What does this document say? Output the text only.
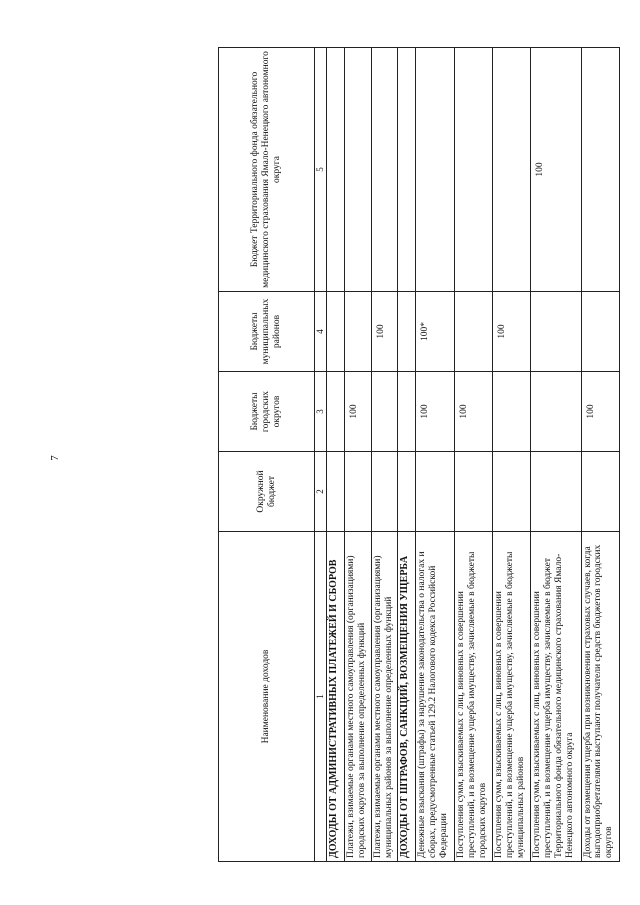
7
Наименование доходов	Окружной бюджет	Бюджеты городских округов	Бюджеты муниципальных районов	Бюджет Территориального фонда обязательного медицинского страхования Ямало-Ненецкого автономного округа
1	2	3	4	5
ДОХОДЫ ОТ АДМИНИСТРАТИВНЫХ ПЛАТЕЖЕЙ И СБОРОВ				
Платежи, взимаемые органами местного самоуправления (организациями) городских округов за выполнение определенных функций		100		
Платежи, взимаемые органами местного самоуправления (организациями) муниципальных районов за выполнение определенных функций			100	
ДОХОДЫ ОТ ШТРАФОВ, САНКЦИЙ, ВОЗМЕЩЕНИЯ УЩЕРБА				
Денежные взыскания (штрафы) за нарушение законодательства о налогах и сборах, предусмотренные статьей 129.2 Налогового кодекса Российской Федерации		100	100*	
Поступления сумм, взыскиваемых с лиц, виновных в совершении преступлений, и в возмещение ущерба имуществу, зачисляемые в бюджеты городских округов		100		
Поступления сумм, взыскиваемых с лиц, виновных в совершении преступлений, и в возмещение ущерба имуществу, зачисляемые в бюджеты муниципальных районов			100	
Поступления сумм, взыскиваемых с лиц, виновных в совершении преступлений, и в возмещение ущерба имуществу, зачисляемые в бюджет Территориального фонда обязательного медицинского страхования Ямало-Ненецкого автономного округа				100
Доходы от возмещения ущерба при возникновении страховых случаев, когда выгодоприобретателями выступают получатели средств бюджетов городских округов		100		
